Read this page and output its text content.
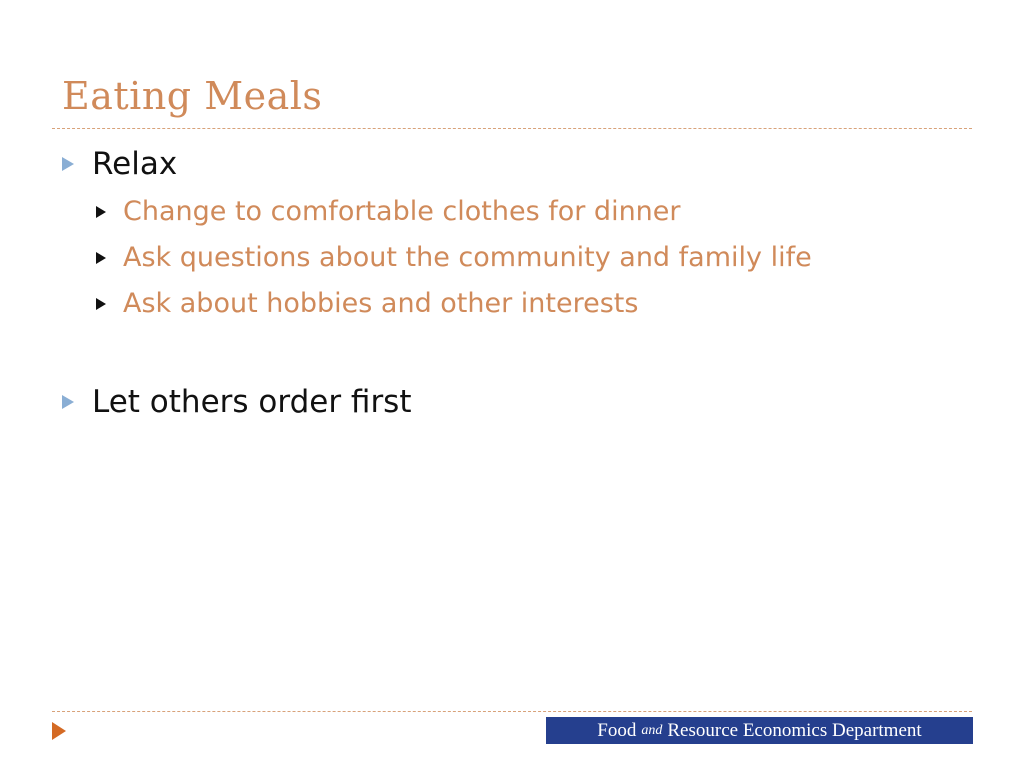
Eating Meals
Relax
Change to comfortable clothes for dinner
Ask questions about the community and family life
Ask about hobbies and other interests
Let others order first
Food and Resource Economics Department
